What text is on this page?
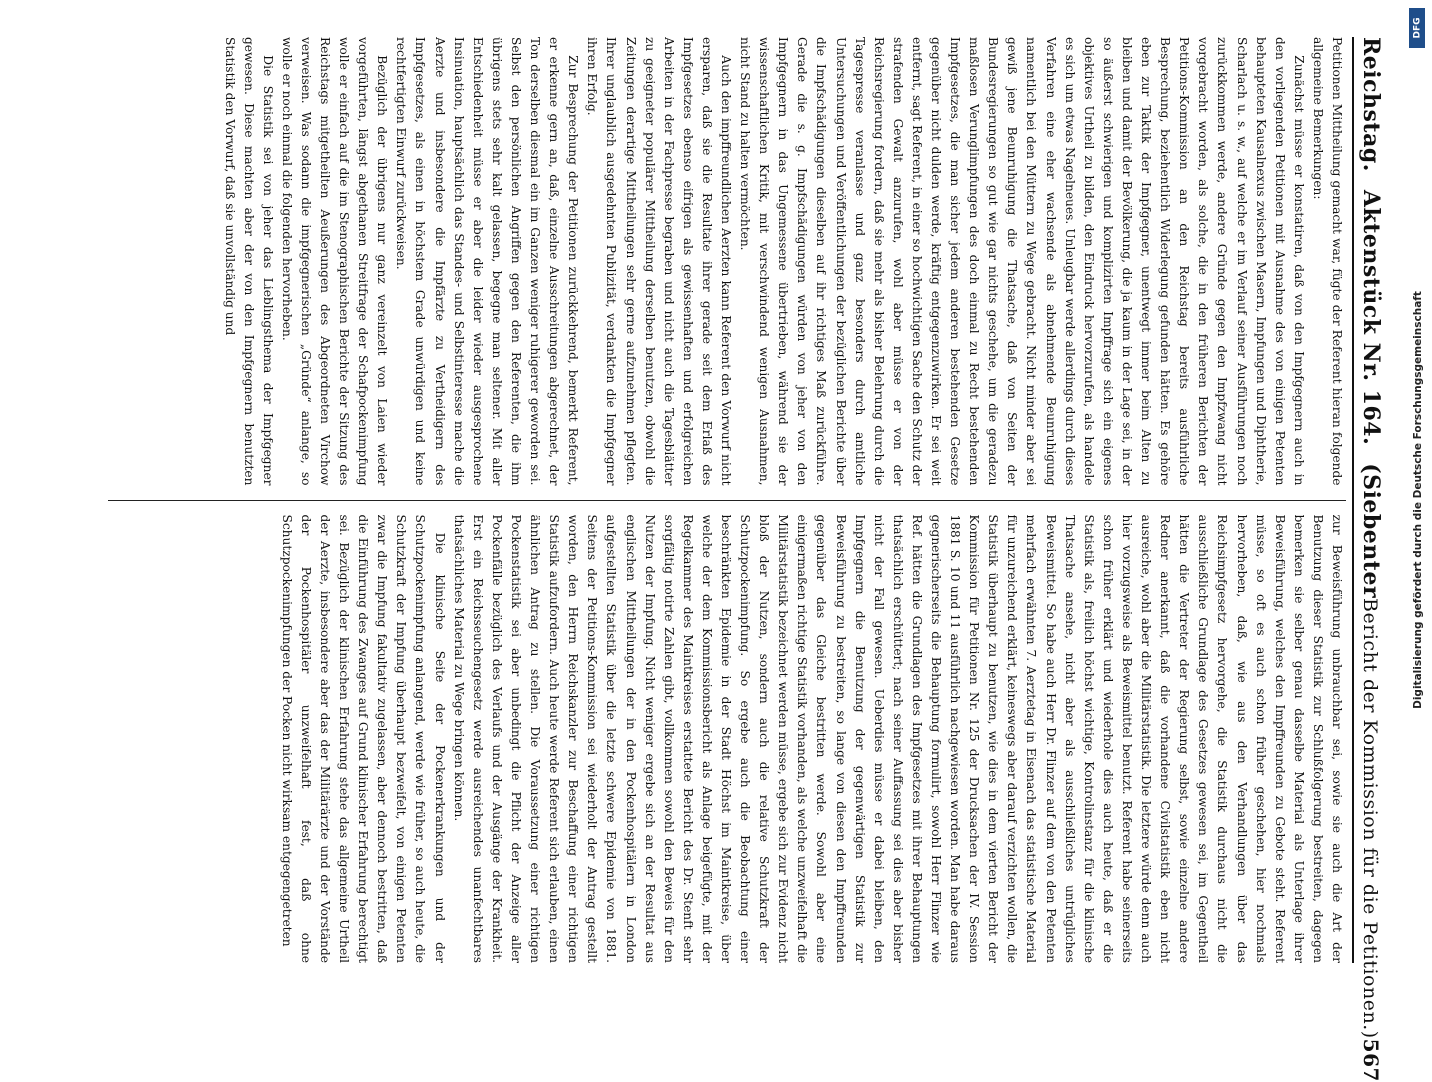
DFG
Digitalisierung gefördert durch die Deutsche Forschungsgemeinschaft
Reichstag.
Aktenstück Nr. 164.
(Siebenter
Bericht der Kommission für die Petitionen.)
567

Petitionen Mittheilung gemacht war, fügte der Referent hieran folgende allgemeine Bemerkungen:

Zunächst müsse er konstatiren, daß von den Impfgegnern auch in den vorliegenden Petitionen mit Ausnahme des von einigen Petenten behaupteten Kausalnexus zwischen Masern, Impfungen und Diphtherie, Scharlach u. s. w., auf welche er im Verlauf seiner Ausführungen noch zurückkommen werde, andere Gründe gegen den Impfzwang nicht vorgebracht worden, als solche, die in den früheren Berichten der Petitions-Kommission an den Reichstag bereits ausführliche Besprechung, beziehentlich Widerlegung gefunden hätten. Es gehöre eben zur Taktik der Impfgegner, unentwegt immer beim Alten zu bleiben und damit der Bevölkerung, die ja kaum in der Lage sei, in der so äußerst schwierigen und komplizirten Impffrage sich ein eigenes objektives Urtheil zu bilden, den Eindruck hervorzurufen, als handele es sich um etwas Nagelneues. Unleugbar werde allerdings durch dieses Verfahren eine eher wachsende als abnehmende Beunruhigung namentlich bei den Müttern zu Wege gebracht. Nicht minder aber sei gewiß jene Beunruhigung die Thatsache, daß von Seiten der Bundesregierungen so gut wie gar nichts geschehe, um die geradezu maßlosen Verunglimpfungen des doch einmal zu Recht bestehenden Impfgesetzes, die man sicher jedem anderen bestehenden Gesetze gegenüber nicht dulden werde, kräftig entgegenzuwirken. Er sei weit entfernt, sagt Referent, in einer so hochwichtigen Sache den Schutz der strafenden Gewalt anzurufen, wohl aber müsse er von der Reichsregierung fordern, daß sie mehr als bisher Belehrung durch die Tagespresse veranlasse und ganz besonders durch amtliche Untersuchungen und Veröffentlichungen der bezüglichen Berichte über die Impfschädigungen dieselben auf ihr richtiges Maß zurückführe. Gerade die s. g. Impfschädigungen würden von jeher von den Impfgegnern in das Ungemessene übertrieben, während sie der wissenschaftlichen Kritik, mit verschwindend wenigen Ausnahmen, nicht Stand zu halten vermöchten.

Auch den impffreundlichen Aerzten kann Referent den Vorwurf nicht ersparen, daß sie die Resultate ihrer gerade seit dem Erlaß des Impfgesetzes ebenso eifrigen als gewissenhaften und erfolgreichen Arbeiten in der Fachpresse begraben und nicht auch die Tagesblätter zu geeigneter populärer Mittheilung derselben benutzen, obwohl die Zeitungen derartige Mittheilungen sehr gerne aufzunehmen pflegten. Ihrer unglaublich ausgedehnten Publizität, verdankten die Impfgegner ihren Erfolg.

Zur Besprechung der Petitionen zurückkehrend, bemerkt Referent, er erkenne gern an, daß, einzelne Ausschreitungen abgerechnet, der Ton derselben diesmal ein im Ganzen weniger ruhigerer geworden sei. Selbst den persönlichen Angriffen gegen den Referenten, die ihm übrigens stets sehr kalt gelassen, begegne man seltener. Mit aller Entschiedenheit müsse er aber die leider wieder ausgesprochene Insinuation, hauptsächlich das Standes- und Selbstinteresse mache die Aerzte und insbesondere die Impfärzte zu Vertheidigern des Impfgesetzes, als einen in höchstem Grade unwürdigen und keine rechtfertigten Einwurf zurückweisen.

Bezüglich der übrigens nur ganz vereinzelt von Laien wieder vorgeführten, längst abgethanen Streitfrage der Schafpockenimpfung wolle er einfach auf die im Stenographischen Berichte der Sitzung des Reichstags mitgetheilten Aeußerungen des Abgeordneten Virchow verweisen. Was sodann die impfgegnerischen „Gründe“ anlange, so wolle er noch einmal die folgenden hervorheben.

Die Statistik sei von jeher das Lieblingsthema der Impfgegner gewesen. Diese machten aber der von den Impfgegnern benutzten Statistik den Vorwurf, daß sie unvollständig und

zur Beweisführung unbrauchbar sei, sowie sie auch die Art der Benutzung dieser Statistik zur Schlußfolgerung bestreiten, dagegen bemerken sie selber genau dasselbe Material als Unterlage ihrer Beweisführung, welches den Impffreunden zu Gebote steht. Referent müsse, so oft es auch schon früher geschehen, hier nochmals hervorheben, daß, wie aus den Verhandlungen über das Reichsimpfgesetz hervorgehe, die Statistik durchaus nicht die ausschließliche Grundlage des Gesetzes gewesen sei, im Gegentheil hätten die Vertreter der Regierung selbst, sowie einzelne andere Redner anerkannt, daß die vorhandene Civilstatistik eben nicht ausreiche, wohl aber die Militärstatistik. Die letztere würde denn auch hier vorzugsweise als Beweismittel benutzt. Referent habe seinerseits schon früher erklärt und wiederhole dies auch heute, daß er die Statistik als, freilich höchst wichtige, Kontrolinstanz für die klinische Thatsache ansehe, nicht aber als ausschließliches untrügliches Beweismittel. So habe auch Herr Dr. Flinzer auf dem von den Petenten mehrfach erwähnten 7. Aerztetag in Eisenach das statistische Material für unzureichend erklärt, keineswegs aber darauf verzichten wollen, die Statistik überhaupt zu benutzen, wie dies in dem vierten Bericht der Kommission für Petitionen Nr. 125 der Drucksachen der IV. Session 1881 S. 10 und 11 ausführlich nachgewiesen worden. Man habe daraus gegnerischerseits die Behauptung formulirt, sowohl Herr Flinzer wie Ref. hätten die Grundlagen des Impfgesetzes mit ihrer Behauptungen thatsächlich erschüttert; nach seiner Auffassung sei dies aber bisher nicht der Fall gewesen. Ueberdies müsse er dabei bleiben, den Impfgegnern die Benutzung der gegenwärtigen Statistik zur Beweisführung zu bestreiten, so lange von diesen den Impffreunden gegenüber das Gleiche bestritten werde. Sowohl aber eine einigermaßen richtige Statistik vorhanden, als welche unzweifelhaft die Militärstatistik bezeichnet werden müsse, ergebe sich zur Evidenz nicht bloß der Nutzen, sondern auch die relative Schutzkraft der Schutzpockenimpfung. So ergebe auch die Beobachtung einer beschränkten Epidemie in der Stadt Höchst im Maintkreise, über welche der dem Kommissionsbericht als Anlage beigefügte, mit der Regelkammer des Maintkreises erstattete Bericht des Dr. Stenft sehr sorgfältig notirte Zahlen gibt, vollkommen sowohl den Beweis für den Nutzen der Impfung. Nicht weniger ergebe sich an der Resultat aus englischen Mittheilungen der in den Pockenhospitälern in London aufgestellten Statistik über die letzte schwere Epidemie von 1881. Seitens der Petitions-Kommission sei wiederholt der Antrag gestellt worden, den Herrn Reichskanzler zur Beschaffung einer richtigen Statistik aufzufordern. Auch heute werde Referent sich erlauben, einen ähnlichen Antrag zu stellen. Die Voraussetzung einer richtigen Pockenstatistik sei aber unbedingt die Pflicht der Anzeige aller Pockenfälle bezüglich des Verlaufs und der Ausgänge der Krankheit. Erst ein Reichsseuchengesetz werde ausreichendes unanfechtbares thatsächliches Material zu Wege bringen können.

Die klinische Seite der Pockenerkrankungen und der Schutzpockenimpfung anlangend, werde wie früher, so auch heute, die Schutzkraft der Impfung überhaupt bezweifelt, von einigen Petenten zwar die Impfung fakultativ zugelassen, aber dennoch bestritten, daß die Einführung des Zwanges auf Grund klinischer Erfahrung berechtigt sei. Bezüglich der klinischen Erfahrung stehe das allgemeine Urtheil der Aerzte, insbesondere aber das der Militärärzte und der Vorstände der Pockenhospitäler unzweifelhaft fest, daß ohne Schutzpockenimpfungen der Pocken nicht wirksam entgegengetreten
